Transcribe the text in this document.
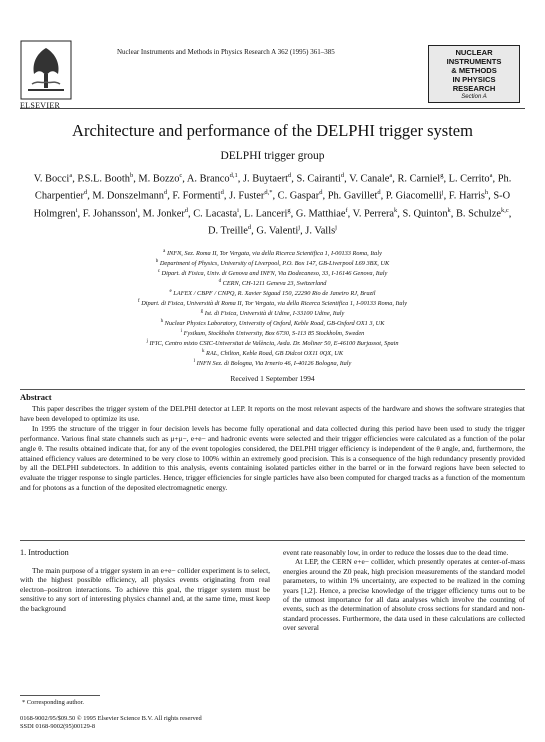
ELSEVIER
Nuclear Instruments and Methods in Physics Research A 362 (1995) 361–385	NUCLEAR
INSTRUMENTS
& METHODS
IN PHYSICS
RESEARCH
Section A
Architecture and performance of the DELPHI trigger system
DELPHI trigger group
V. Bocci$^a$, P.S.L. Booth$^b$, M. Bozzo$^c$, A. Branco$^{d,1}$, J. Buytaert$^d$, S. Cairanti$^d$, V. Canale$^a$, R. Carniel$^g$, L. Cerrito$^a$, Ph. Charpentier$^d$, M. Donszelmann$^d$, F. Formenti$^d$, J. Fuster$^{d,*}$, C. Gaspar$^d$, Ph. Gavillet$^d$, P. Giacomelli$^j$, F. Harris$^h$, S-O Holmgren$^i$, F. Johansson$^i$, M. Jonker$^d$, C. Lacasta$^i$, L. Lanceri$^g$, G. Matthiae$^f$, V. Perrera$^k$, S. Quinton$^k$, B. Schulze$^{k,c}$, D. Treille$^d$, G. Valenti$^j$, J. Valls$^j$
$^a$ INFN, Sez. Roma II, Tor Vergata, via della Ricerca Scientifica 1, I-00133 Roma, Italy
$^b$ Department of Physics, University of Liverpool, P.O. Box 147, GB-Liverpool L69 3BX, UK
$^c$ Dipart. di Fisica, Univ. di Genova and INFN, Via Dodecaneso, 33, I-16146 Genova, Italy
$^d$ CERN, CH-1211 Geneva 23, Switzerland
$^e$ LAFEX / CBPF / CNPQ, R. Xavier Sigaud 150, 22290 Rio de Janeiro RJ, Brazil
$^f$ Dipart. di Fisica, Università di Roma II, Tor Vergata, via della Ricerca Scientifica 1, I-00133 Roma, Italy
$^g$ Ist. di Fisica, Università di Udine, I-33100 Udine, Italy
$^h$ Nuclear Physics Laboratory, University of Oxford, Keble Road, GB-Oxford OX1 3, UK
$^i$ Fysikum, Stockholm University, Box 6730, S-113 85 Stockholm, Sweden
$^j$ IFIC, Centro mixto CSIC-Universitat de València, Avda. Dr. Moliner 50, E-46100 Burjassot, Spain
$^k$ RAL, Chilton, Keble Road, GB Didcot OX11 0QX, UK
$^l$ INFN Sez. di Bologna, Via Irnerio 46, I-40126 Bologna, Italy
Received 1 September 1994
Abstract

This paper describes the trigger system of the DELPHI detector at LEP. It reports on the most relevant aspects of the hardware and shows the software strategies that have been developed to optimize its use.

In 1995 the structure of the trigger in four decision levels has become fully operational and data collected during this period have been used to study the trigger performance. Various final state channels such as μ+μ−, e+e− and hadronic events were selected and their trigger efficiencies were calculated as a function of the polar angle θ. The results obtained indicate that, for any of the event topologies considered, the DELPHI trigger efficiency is independent of the θ angle, and, furthermore, the attained efficiency values are determined to be very close to 100% within an extremely good precision. This is a consequence of the high redundancy presently provided by all the DELPHI subdetectors. In addition to this analysis, events containing isolated particles either in the barrel or in the forward regions have been selected to evaluate the trigger response to single particles. Hence, trigger efficiencies for single particles have also been computed for charged tracks as a function of the momentum and for photons as a function of the deposited electromagnetic energy.

1. Introduction

The main purpose of a trigger system in an e+e− collider experiment is to select, with the highest possible efficiency, all physics events originating from real electron–positron interactions. To achieve this goal, the trigger system must be sensitive to any sort of interesting physics channel and, at the same time, must keep the background

event rate reasonably low, in order to reduce the losses due to the dead time.

At LEP, the CERN e+e− collider, which presently operates at center-of-mass energies around the Z0 peak, high precision measurements of the standard model parameters, to within 1% uncertainty, are expected to be realized in the coming years [1,2]. Hence, a precise knowledge of the trigger efficiency turns out to be of the utmost importance for all data analyses which involve the counting of events, such as the determination of absolute cross sections for standard and non-standard processes. Furthermore, the data used in these calculations are collected over several

* Corresponding author.
0168-9002/95/$09.50 © 1995 Elsevier Science B.V. All rights reserved
SSDI 0168-9002(95)00129-8
